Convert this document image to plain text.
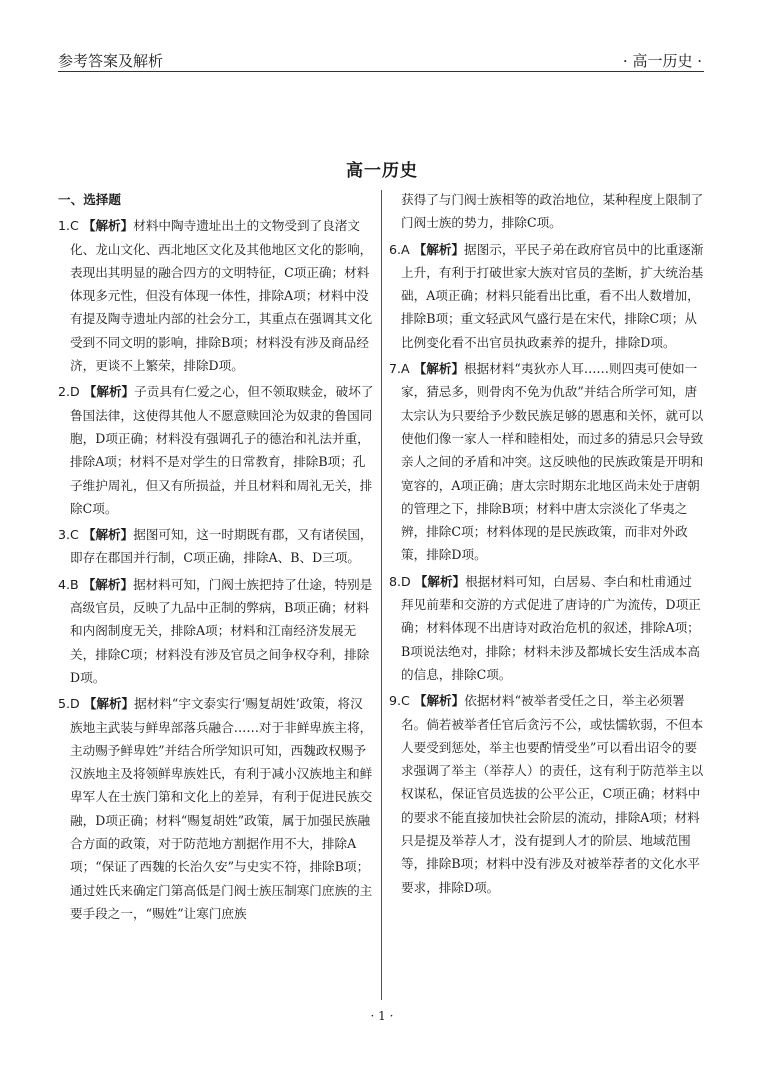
参考答案及解析	· 高一历史 ·
高一历史
一、选择题
1.C 【解析】材料中陶寺遗址出土的文物受到了良渚文化、龙山文化、西北地区文化及其他地区文化的影响，表现出其明显的融合四方的文明特征，C项正确；材料体现多元性，但没有体现一体性，排除A项；材料中没有提及陶寺遗址内部的社会分工，其重点在强调其文化受到不同文明的影响，排除B项；材料没有涉及商品经济，更谈不上繁荣，排除D项。
2.D 【解析】子贡具有仁爱之心，但不领取赎金，破坏了鲁国法律，这使得其他人不愿意赎回沦为奴隶的鲁国同胞，D项正确；材料没有强调孔子的德治和礼法并重，排除A项；材料不是对学生的日常教育，排除B项；孔子维护周礼，但又有所损益，并且材料和周礼无关，排除C项。
3.C 【解析】据图可知，这一时期既有郡，又有诸侯国，即存在郡国并行制，C项正确，排除A、B、D三项。
4.B 【解析】据材料可知，门阀士族把持了仕途，特别是高级官员，反映了九品中正制的弊病，B项正确；材料和内阁制度无关，排除A项；材料和江南经济发展无关，排除C项；材料没有涉及官员之间争权夺利，排除D项。
5.D 【解析】据材料“宇文泰实行‘赐复胡姓’政策，将汉族地主武装与鲜卑部落兵融合……对于非鲜卑族主将，主动赐予鲜卑姓”并结合所学知识可知，西魏政权赐予汉族地主及将领鲜卑族姓氏，有利于减小汉族地主和鲜卑军人在士族门第和文化上的差异，有利于促进民族交融，D项正确；材料“赐复胡姓”政策，属于加强民族融合方面的政策，对于防范地方割据作用不大，排除A项；“保证了西魏的长治久安”与史实不符，排除B项；通过姓氏来确定门第高低是门阀士族压制寒门庶族的主要手段之一，“赐姓”让寒门庶族
获得了与门阀士族相等的政治地位，某种程度上限制了门阀士族的势力，排除C项。
6.A 【解析】据图示，平民子弟在政府官员中的比重逐渐上升，有利于打破世家大族对官员的垄断，扩大统治基础，A项正确；材料只能看出比重，看不出人数增加，排除B项；重文轻武风气盛行是在宋代，排除C项；从比例变化看不出官员执政素养的提升，排除D项。
7.A 【解析】根据材料“夷狄亦人耳……则四夷可使如一家，猜忌多，则骨肉不免为仇敌”并结合所学可知，唐太宗认为只要给予少数民族足够的恩惠和关怀，就可以使他们像一家人一样和睦相处，而过多的猜忌只会导致亲人之间的矛盾和冲突。这反映他的民族政策是开明和宽容的，A项正确；唐太宗时期东北地区尚未处于唐朝的管理之下，排除B项；材料中唐太宗淡化了华夷之辨，排除C项；材料体现的是民族政策，而非对外政策，排除D项。
8.D 【解析】根据材料可知，白居易、李白和杜甫通过拜见前辈和交游的方式促进了唐诗的广为流传，D项正确；材料体现不出唐诗对政治危机的叙述，排除A项；B项说法绝对，排除；材料未涉及都城长安生活成本高的信息，排除C项。
9.C 【解析】依据材料“被举者受任之日，举主必须署名。倘若被举者任官后贪污不公，或怯懦软弱，不但本人要受到惩处，举主也要酌情受坐”可以看出诏令的要求强调了举主（举荐人）的责任，这有利于防范举主以权谋私，保证官员选拔的公平公正，C项正确；材料中的要求不能直接加快社会阶层的流动，排除A项；材料只是提及举荐人才，没有提到人才的阶层、地域范围等，排除B项；材料中没有涉及对被举荐者的文化水平要求，排除D项。
· 1 ·
